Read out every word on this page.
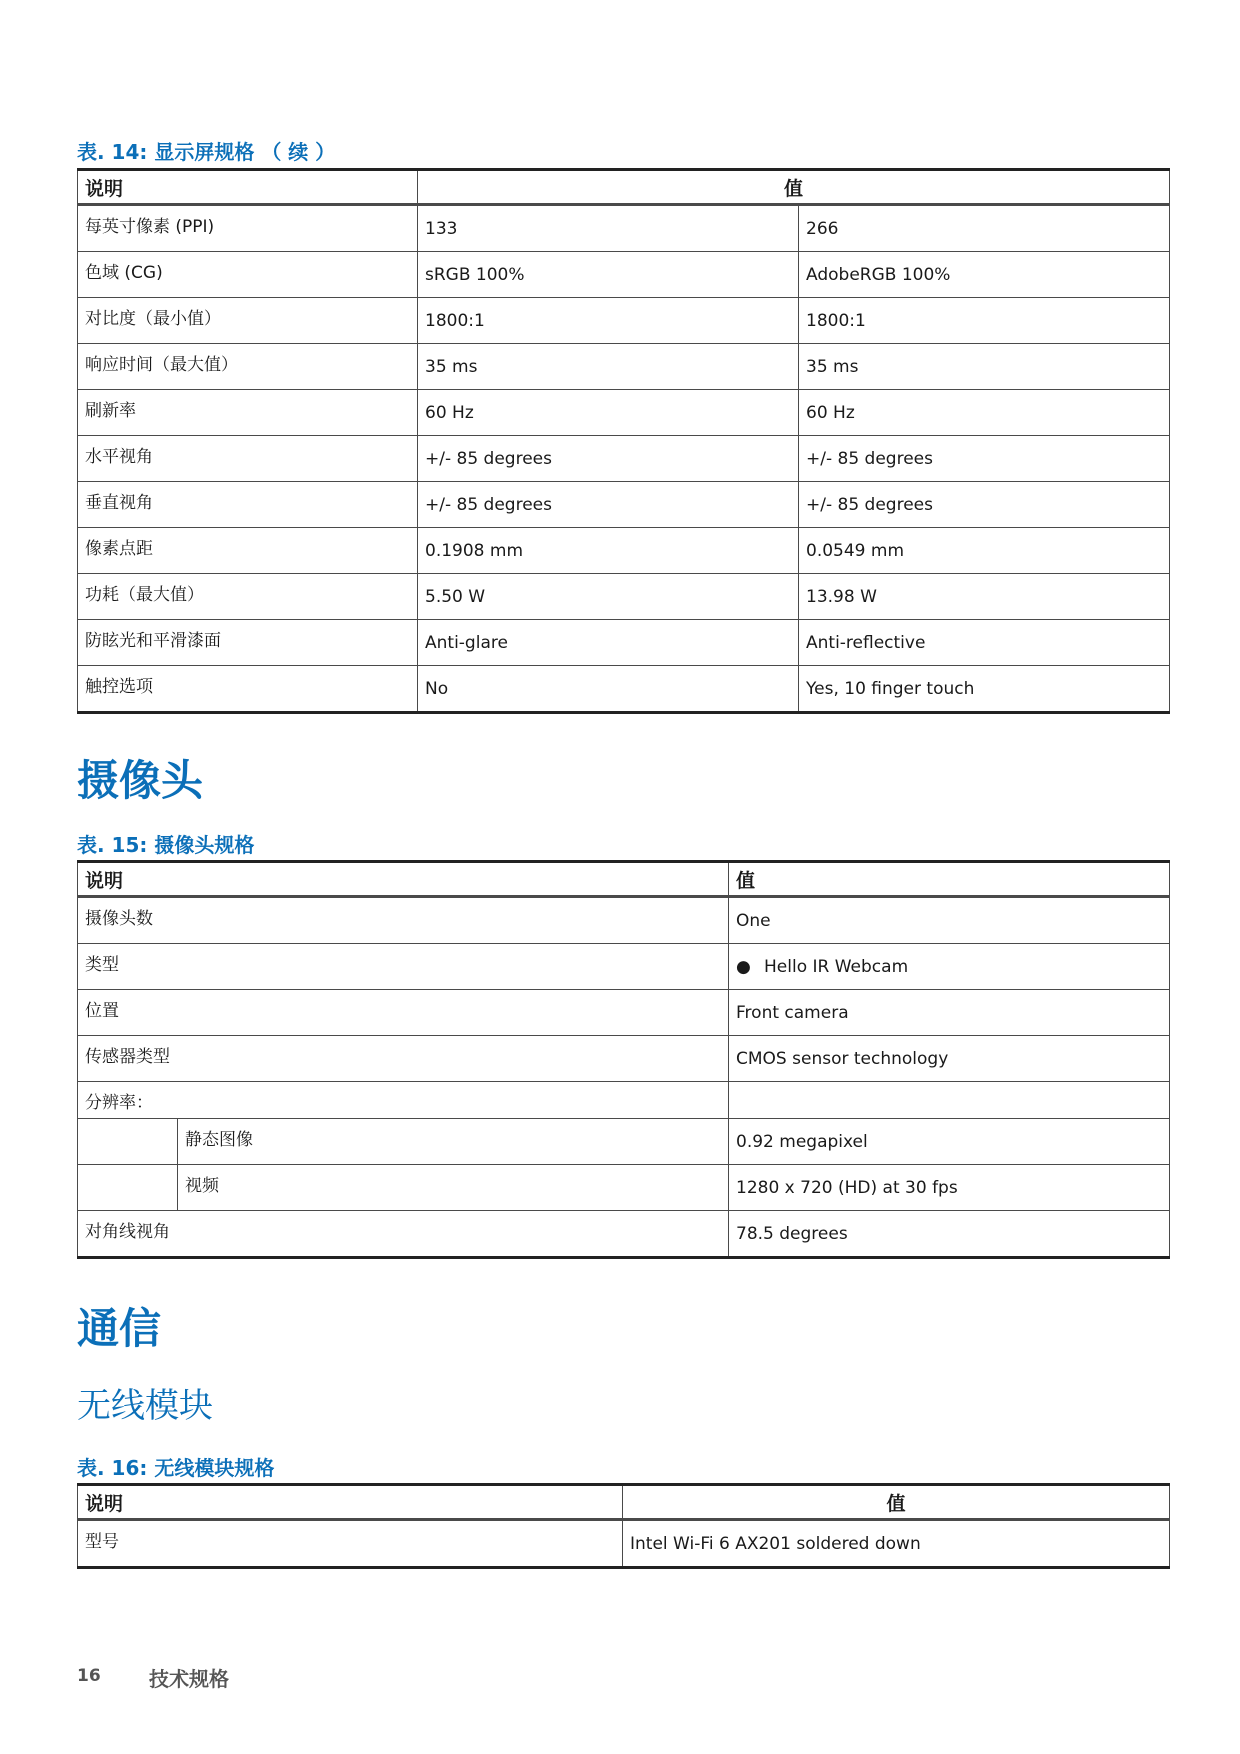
表. 14: 显示屏规格 （ 续 ）
说明	值	

每英寸像素 (PPI)	133	266

色域 (CG)	sRGB 100%	AdobeRGB 100%

对比度（最小值）	1800:1	1800:1

响应时间（最大值）	35 ms	35 ms

刷新率	60 Hz	60 Hz

水平视角	+/- 85 degrees	+/- 85 degrees

垂直视角	+/- 85 degrees	+/- 85 degrees

像素点距	0.1908 mm	0.0549 mm

功耗（最大值）	5.50 W	13.98 W

防眩光和平滑漆面	Anti-glare	Anti-reflective

触控选项	No	Yes, 10 finger touch
摄像头
表. 15: 摄像头规格
说明		值

摄像头数		One

类型		● Hello IR Webcam

位置		Front camera

传感器类型		CMOS sensor technology

分辨率：		

	静态图像	0.92 megapixel

	视频	1280 x 720 (HD) at 30 fps

对角线视角		78.5 degrees
通信
无线模块
表. 16: 无线模块规格
说明	值

型号	Intel Wi-Fi 6 AX201 soldered down
16 技术规格
